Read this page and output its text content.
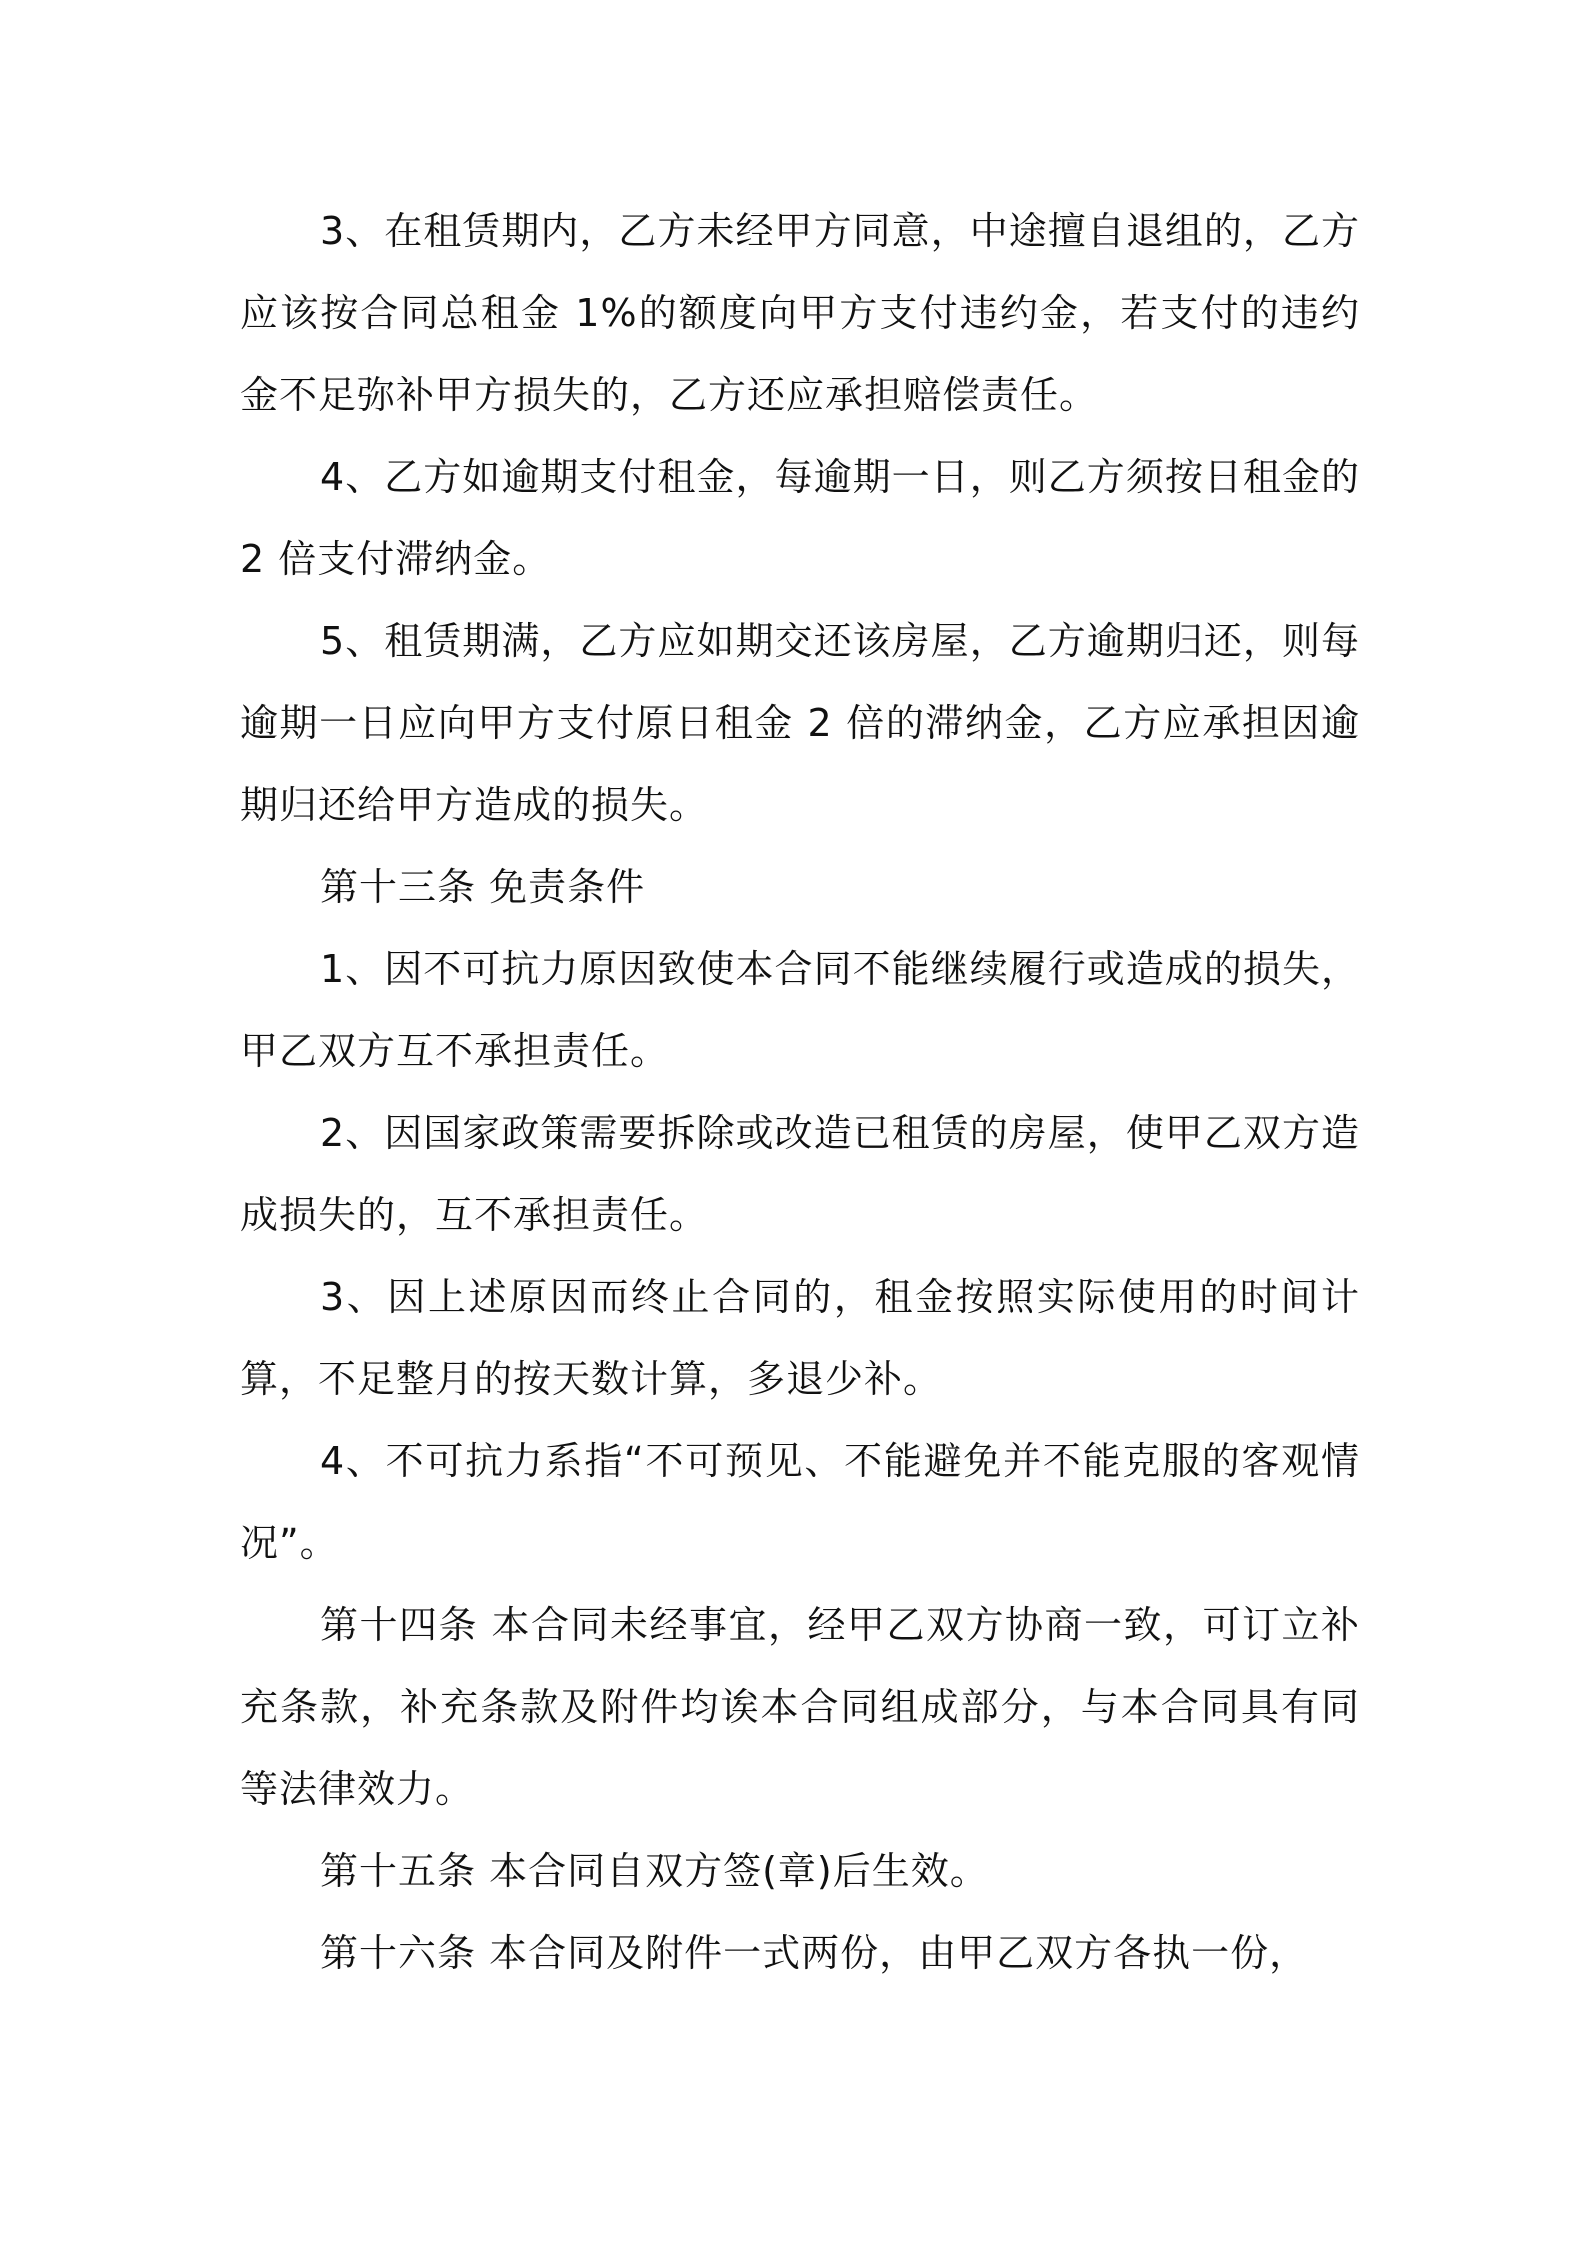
3、在租赁期内，乙方未经甲方同意，中途擅自退组的，乙方应该按合同总租金 1%的额度向甲方支付违约金，若支付的违约金不足弥补甲方损失的，乙方还应承担赔偿责任。

4、乙方如逾期支付租金，每逾期一日，则乙方须按日租金的 2 倍支付滞纳金。

5、租赁期满，乙方应如期交还该房屋，乙方逾期归还，则每逾期一日应向甲方支付原日租金 2 倍的滞纳金，乙方应承担因逾期归还给甲方造成的损失。

第十三条 免责条件

1、因不可抗力原因致使本合同不能继续履行或造成的损失，甲乙双方互不承担责任。

2、因国家政策需要拆除或改造已租赁的房屋，使甲乙双方造成损失的，互不承担责任。

3、因上述原因而终止合同的，租金按照实际使用的时间计算，不足整月的按天数计算，多退少补。

4、不可抗力系指“不可预见、不能避免并不能克服的客观情况”。

第十四条 本合同未经事宜，经甲乙双方协商一致，可订立补充条款，补充条款及附件均诶本合同组成部分，与本合同具有同等法律效力。

第十五条 本合同自双方签(章)后生效。

第十六条 本合同及附件一式两份，由甲乙双方各执一份，
